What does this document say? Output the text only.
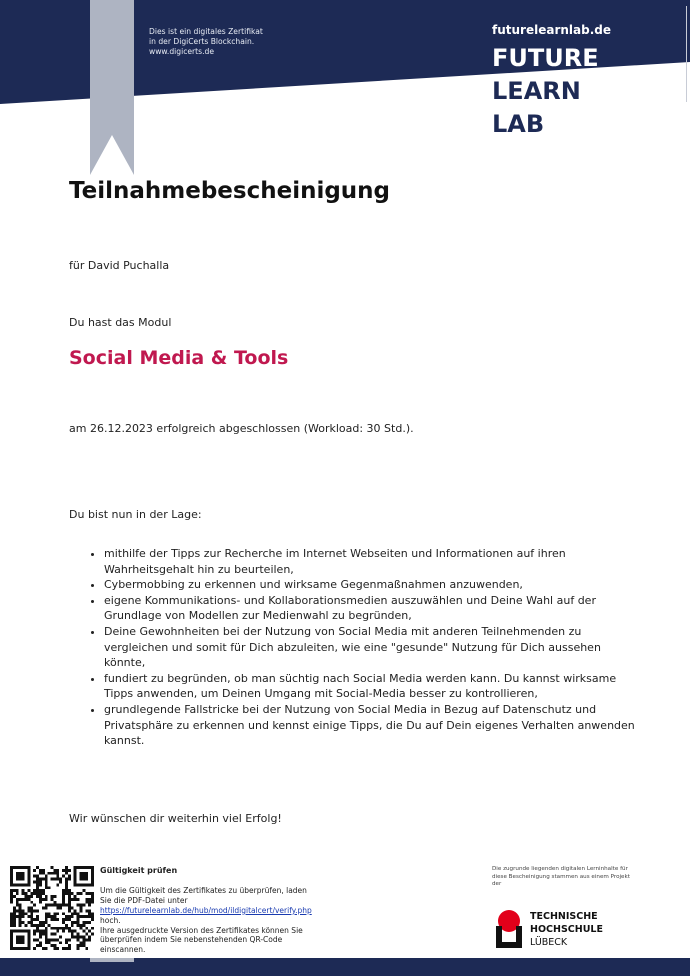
Dies ist ein digitales Zertifikat
in der DigiCerts Blockchain.
www.digicerts.de
futurelearnlab.de
FUTURE
LEARN
LAB
Teilnahmebescheinigung
für David Puchalla
Du hast das Modul
Social Media & Tools
am 26.12.2023 erfolgreich abgeschlossen (Workload: 30 Std.).
Du bist nun in der Lage:
• mithilfe der Tipps zur Recherche im Internet Webseiten und Informationen auf ihren Wahrheitsgehalt hin zu beurteilen,
• Cybermobbing zu erkennen und wirksame Gegenmaßnahmen anzuwenden,
• eigene Kommunikations- und Kollaborationsmedien auszuwählen und Deine Wahl auf der Grundlage von Modellen zur Medienwahl zu begründen,
• Deine Gewohnheiten bei der Nutzung von Social Media mit anderen Teilnehmenden zu vergleichen und somit für Dich abzuleiten, wie eine "gesunde" Nutzung für Dich aussehen könnte,
• fundiert zu begründen, ob man süchtig nach Social Media werden kann. Du kannst wirksame Tipps anwenden, um Deinen Umgang mit Social-Media besser zu kontrollieren,
• grundlegende Fallstricke bei der Nutzung von Social Media in Bezug auf Datenschutz und Privatsphäre zu erkennen und kennst einige Tipps, die Du auf Dein eigenes Verhalten anwenden kannst.
Wir wünschen dir weiterhin viel Erfolg!
Gültigkeit prüfen
Um die Gültigkeit des Zertifikates zu überprüfen, laden Sie die PDF-Datei unter
https://futurelearnlab.de/hub/mod/ildigitalcert/verify.php
hoch.
Ihre ausgedruckte Version des Zertifikates können Sie überprüfen indem Sie nebenstehenden QR-Code einscannen.
Die zugrunde liegenden digitalen Lerninhalte für diese Bescheinigung stammen aus einem Projekt der
TECHNISCHE
HOCHSCHULE
LÜBECK
